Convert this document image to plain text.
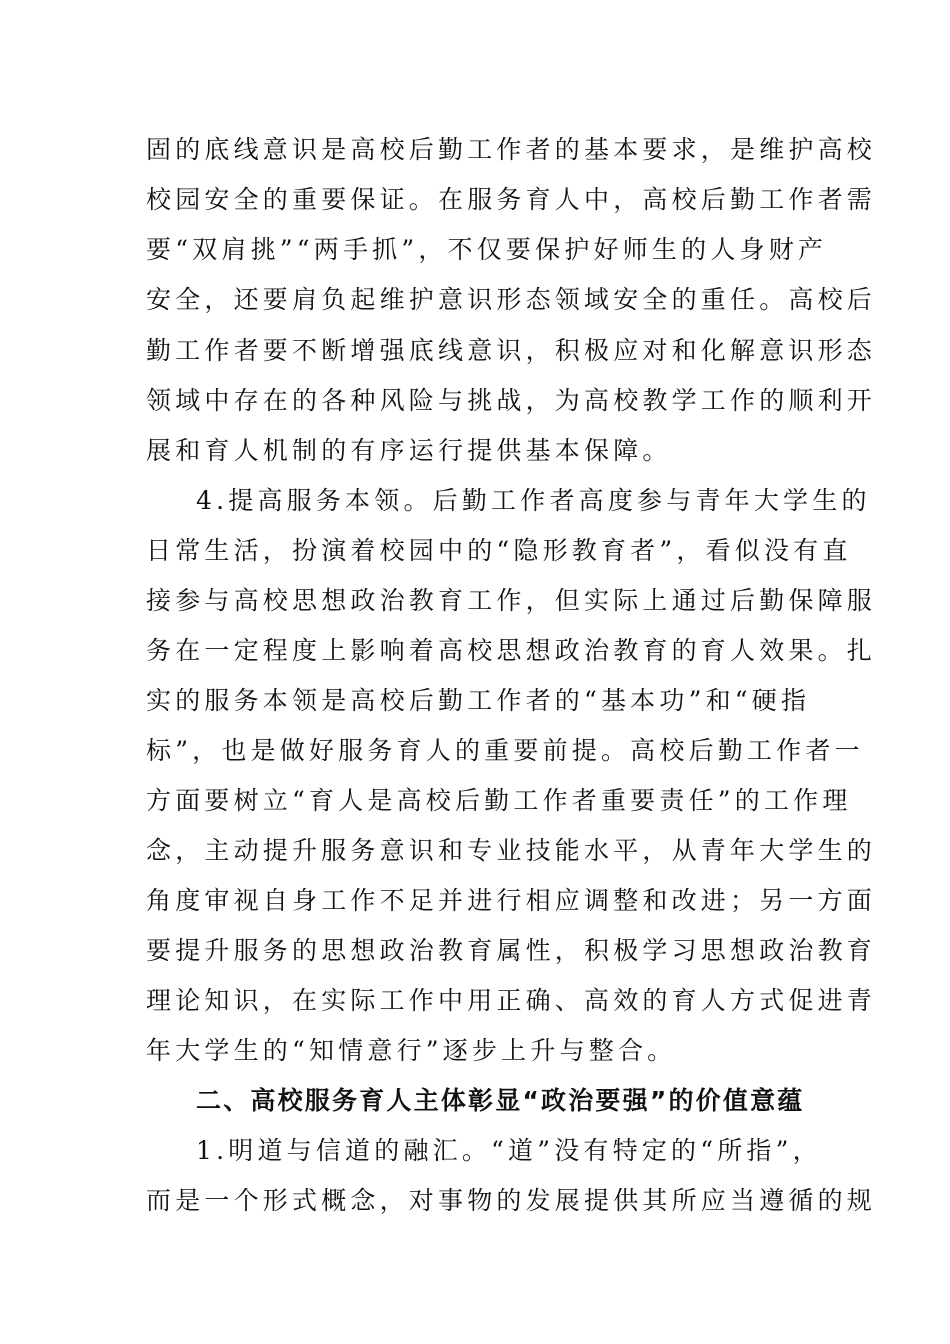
固的底线意识是高校后勤工作者的基本要求，是维护高校
校园安全的重要保证。在服务育人中，高校后勤工作者需
要“双肩挑”“两手抓”，不仅要保护好师生的人身财产
安全，还要肩负起维护意识形态领域安全的重任。高校后
勤工作者要不断增强底线意识，积极应对和化解意识形态
领域中存在的各种风险与挑战，为高校教学工作的顺利开
展和育人机制的有序运行提供基本保障。
4.提高服务本领。后勤工作者高度参与青年大学生的
日常生活，扮演着校园中的“隐形教育者”，看似没有直
接参与高校思想政治教育工作，但实际上通过后勤保障服
务在一定程度上影响着高校思想政治教育的育人效果。扎
实的服务本领是高校后勤工作者的“基本功”和“硬指
标”，也是做好服务育人的重要前提。高校后勤工作者一
方面要树立“育人是高校后勤工作者重要责任”的工作理
念，主动提升服务意识和专业技能水平，从青年大学生的
角度审视自身工作不足并进行相应调整和改进；另一方面
要提升服务的思想政治教育属性，积极学习思想政治教育
理论知识，在实际工作中用正确、高效的育人方式促进青
年大学生的“知情意行”逐步上升与整合。
二、高校服务育人主体彰显“政治要强”的价值意蕴
1.明道与信道的融汇。“道”没有特定的“所指”，
而是一个形式概念，对事物的发展提供其所应当遵循的规
